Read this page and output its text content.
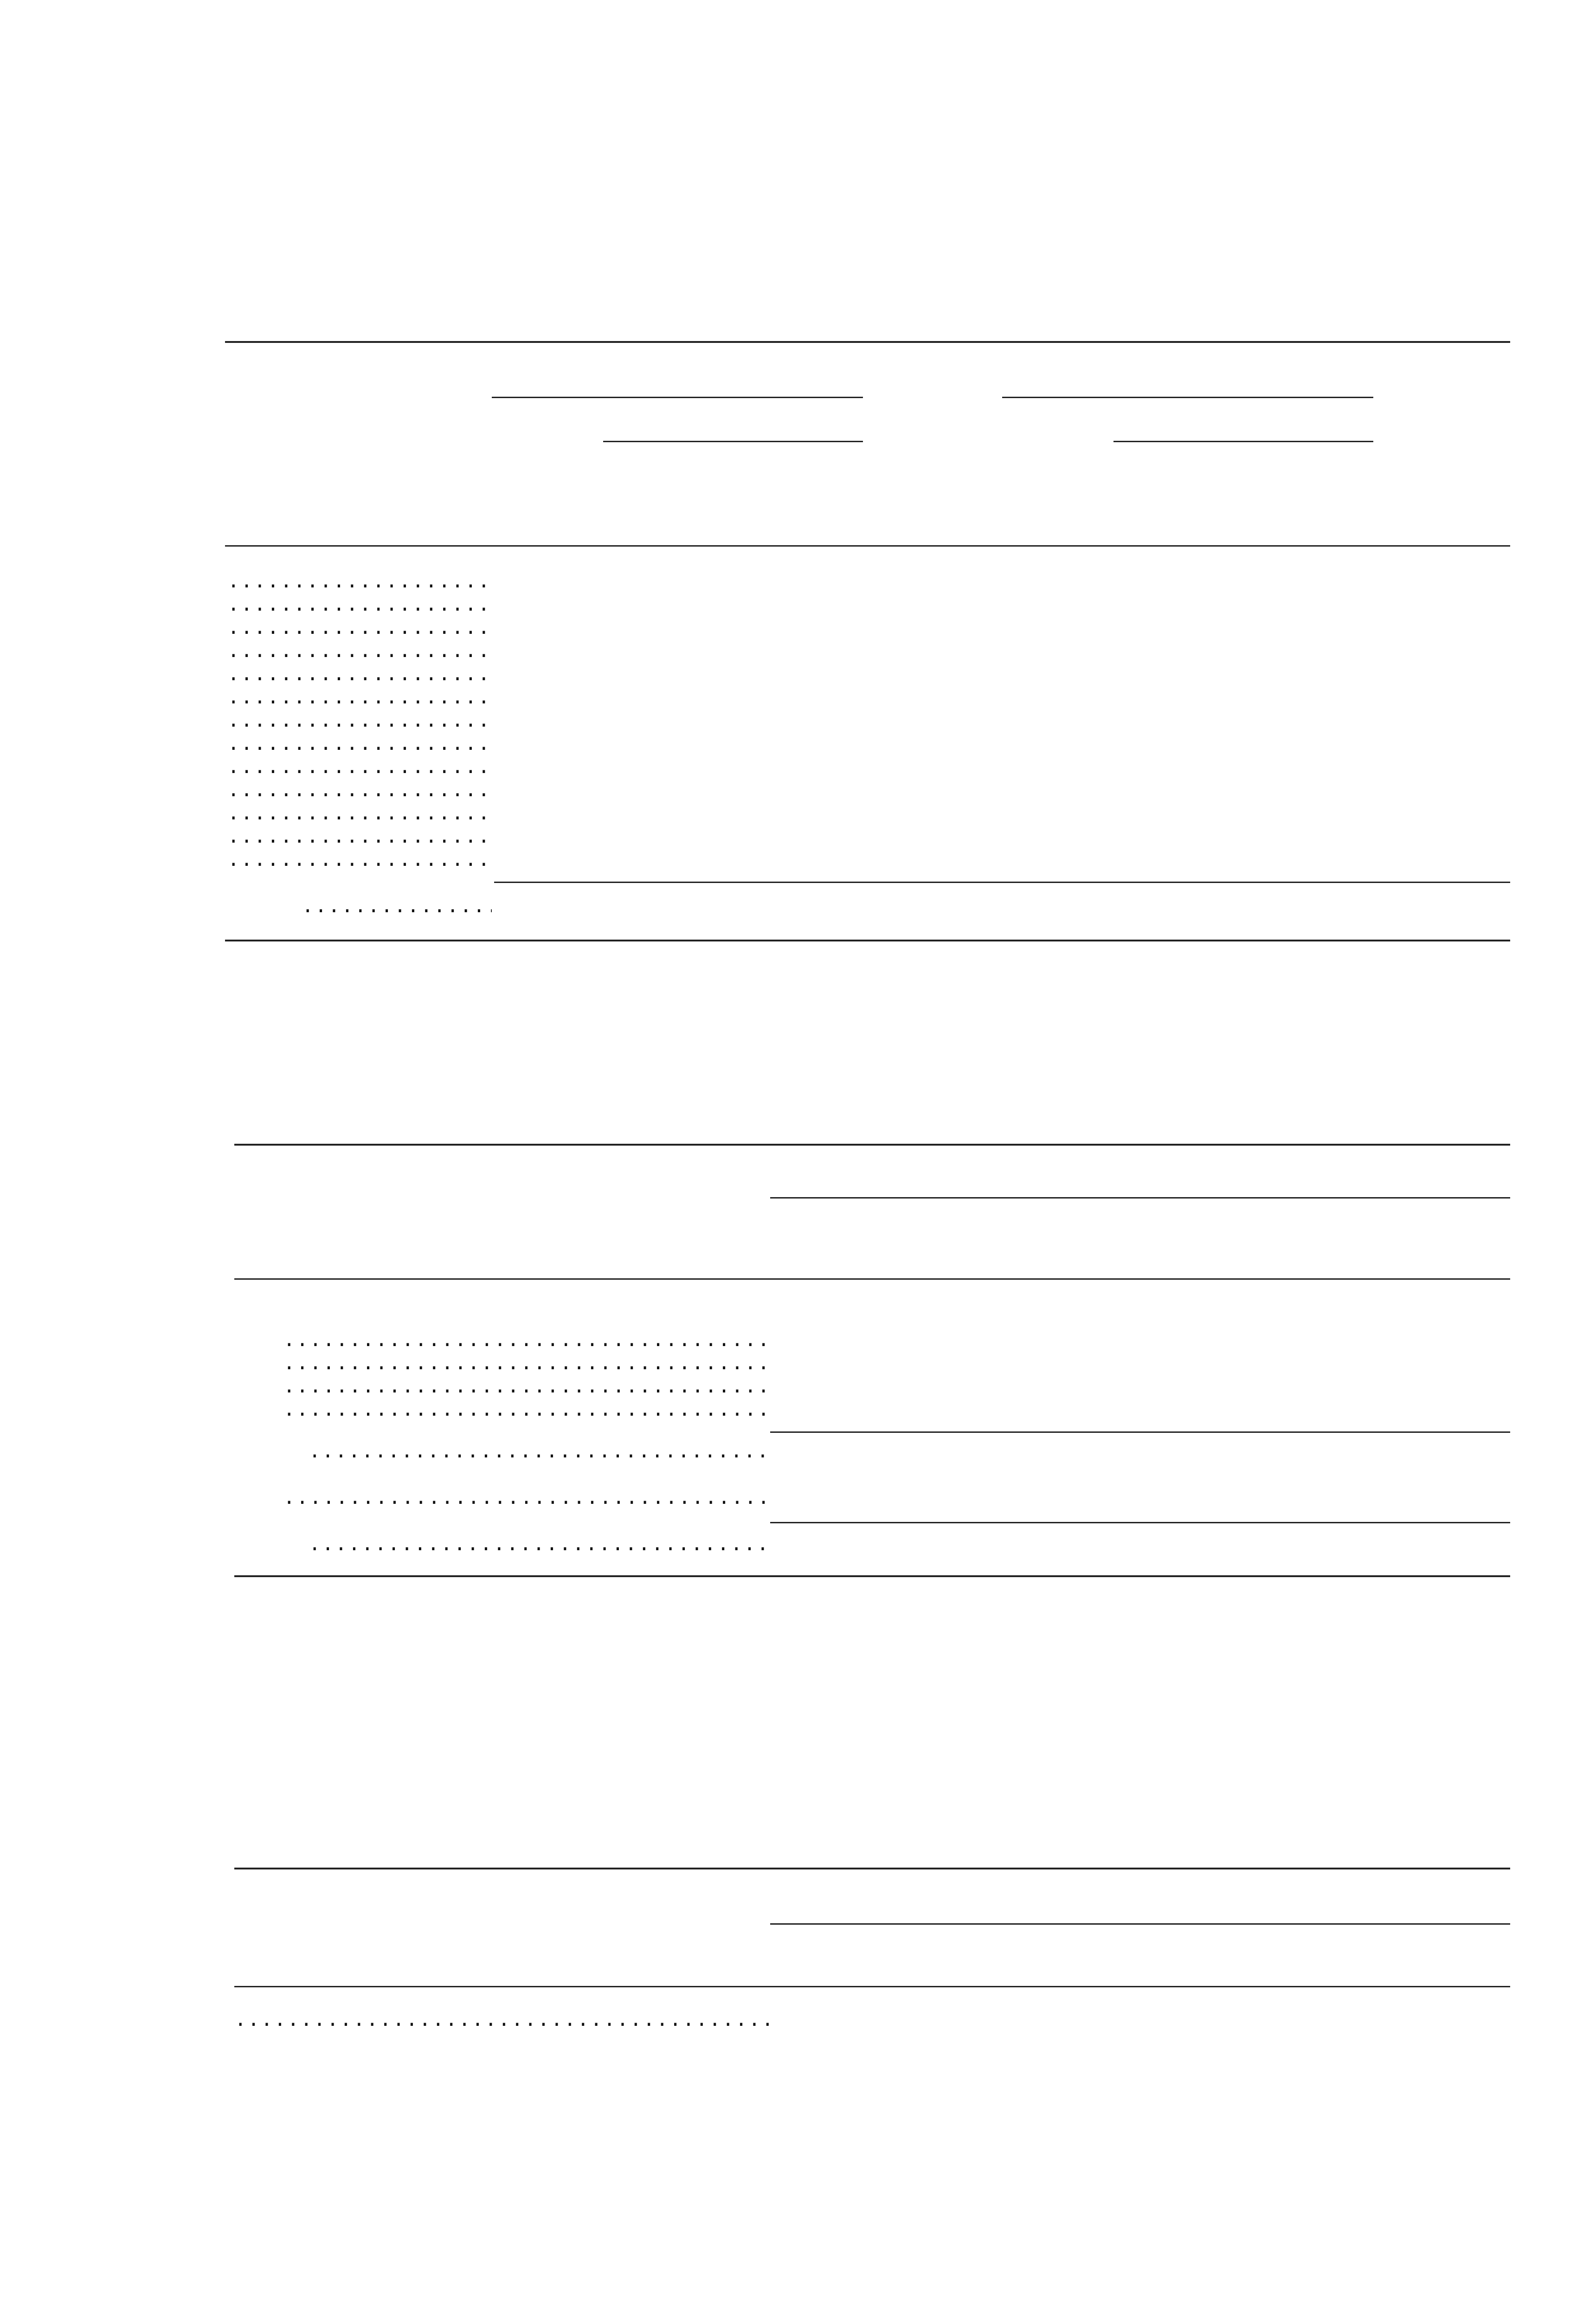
.....
.....
.....
.....
.....
.....
.....
.....
.....
.....
.....
.....
.....
.....
.....
.....
.....
.....
.....
.....
.....
.....
